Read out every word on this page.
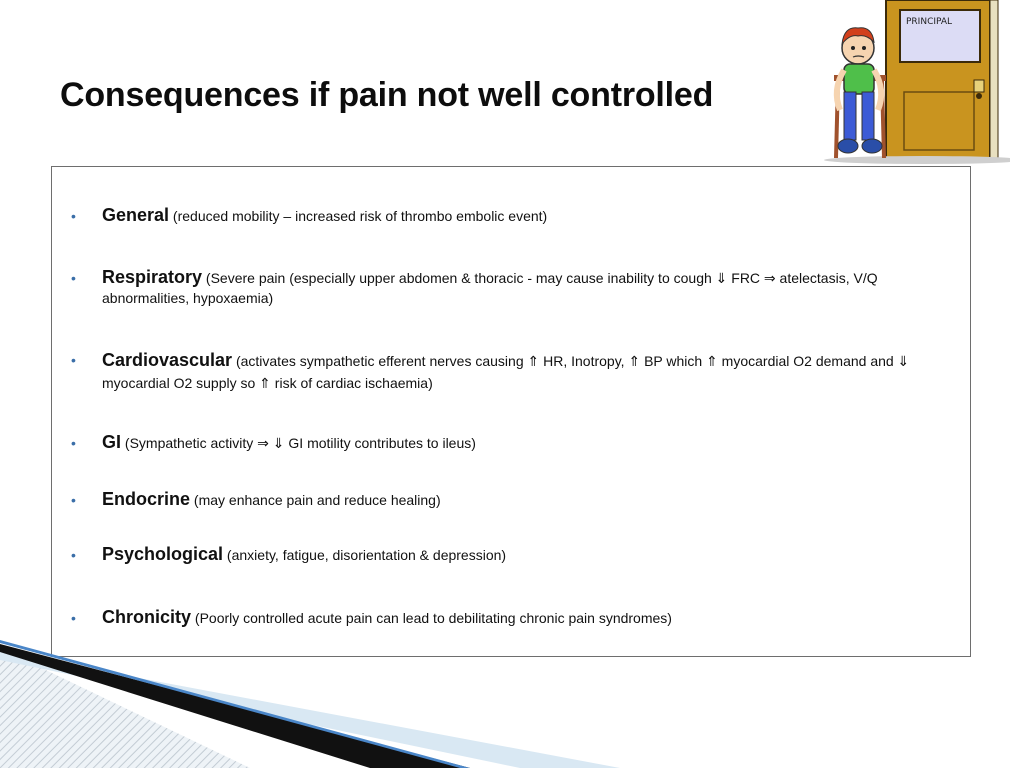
PRINCIPAL
Consequences if pain not well controlled
• General (reduced mobility – increased risk of thrombo embolic event)
• Respiratory (Severe pain (especially upper abdomen & thoracic - may cause inability to cough ⇓ FRC ⇒ atelectasis, V/Q abnormalities, hypoxaemia)
• Cardiovascular (activates sympathetic efferent nerves causing ⇑ HR, Inotropy, ⇑ BP which ⇑ myocardial O2 demand and ⇓ myocardial O2 supply so ⇑ risk of cardiac ischaemia)
• GI (Sympathetic activity ⇒ ⇓ GI motility contributes to ileus)
• Endocrine (may enhance pain and reduce healing)
• Psychological (anxiety, fatigue, disorientation & depression)
• Chronicity (Poorly controlled acute pain can lead to debilitating chronic pain syndromes)
